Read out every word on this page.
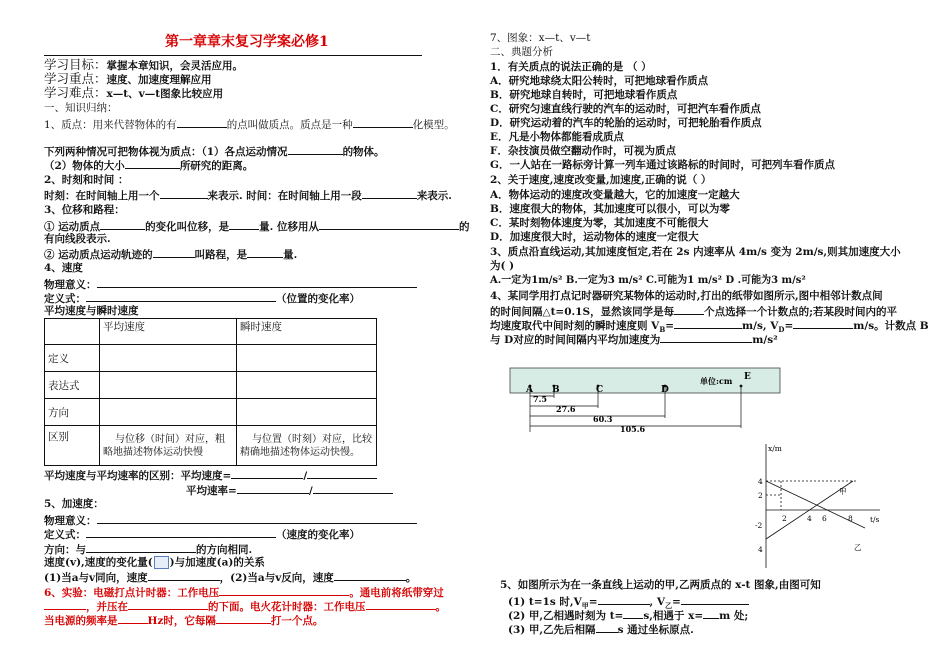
第一章章末复习学案必修1
学习目标：掌握本章知识，会灵活应用。
学习重点：速度、加速度理解应用
学习难点：x—t、v—t图象比较应用
一、知识归纳：
1、质点：用来代替物体的有	的点叫做质点。质点是一种	化模型。
下列两种情况可把物体视为质点：（1）各点运动情况	的物体。
（2）物体的大小	所研究的距离。
2、时刻和时间 ：
时刻：在时间轴上用一个	来表示. 时间：在时间轴上用一段	来表示.
3、位移和路程：
① 运动质点	的变化叫位移，是	量. 位移用从	的
有向线段表示.
② 运动质点运动轨迹的	叫路程，是	量.
4、速度
物理意义：
定义式：	（位置的变化率）
平均速度与瞬时速度
	平均速度	瞬时速度
定义		
表达式		
方向		
区别	与位移（时间）对应，粗略地描述物体运动快慢	与位置（时刻）对应，比较精确地描述物体运动快慢。
平均速度与平均速率的区别：平均速度=	/
平均速率=	/
5、加速度：
物理意义：
定义式：	（速度的变化率）
方向：与	的方向相同.
速度(v),速度的变化量( )与加速度(a)的关系
(1)当a与v同向，速度	，(2)当a与v反向，速度	。
6、实验：电磁打点计时器：工作电压	。通电前将纸带穿过
，并压在	的下面。电火花计时器：工作电压	。
当电源的频率是	Hz时，它每隔	打一个点。
7、图象：x—t、v—t
二、典题分析
1．有关质点的说法正确的是 （ ）
A．研究地球绕太阳公转时，可把地球看作质点
B．研究地球自转时，可把地球看作质点
C．研究匀速直线行驶的汽车的运动时，可把汽车看作质点
D．研究运动着的汽车的轮胎的运动时，可把轮胎看作质点
E．凡是小物体都能看成质点
F．杂技演员做空翻动作时，可视为质点
G．一人站在一路标旁计算一列车通过该路标的时间时，可把列车看作质点
2、关于速度,速度改变量,加速度,正确的说（ ）
A．物体运动的速度改变量越大，它的加速度一定越大
B．速度很大的物体，其加速度可以很小，可以为零
C．某时刻物体速度为零，其加速度不可能很大
D．加速度很大时，运动物体的速度一定很大
3、质点沿直线运动,其加速度恒定,若在 2s 内速率从 4m/s 变为 2m/s,则其加速度大小
为( )
A.一定为1m/s² B.一定为3 m/s² C.可能为1 m/s² D .可能为3 m/s²
4、某同学用打点记时器研究某物体的运动时,打出的纸带如图所示,图中相邻计数点间
的时间间隔△t=0.1S，显然该同学是每	个点选择一个计数点的;若某段时间内的平
均速度取代中间时刻的瞬时速度则 $V_B=$	m/s, $V_D=$	m/s。计数点 B
与 D对应的时间间隔内平均加速度为	m/s²
A B	C	D
E
单位:cm
7.5
27.6
60.3
105.6
x/m
t/s
4
2
-2
4
2	4 6	8
甲
乙
5、如图所示为在一条直线上运动的甲,乙两质点的 x-t 图象,由图可知
(1) t=1s 时$,V_甲=$	, $V_乙=$
(2) 甲,乙相遇时刻为 t= s,相遇于 x= m 处;
(3) 甲,乙先后相隔 s 通过坐标原点.
